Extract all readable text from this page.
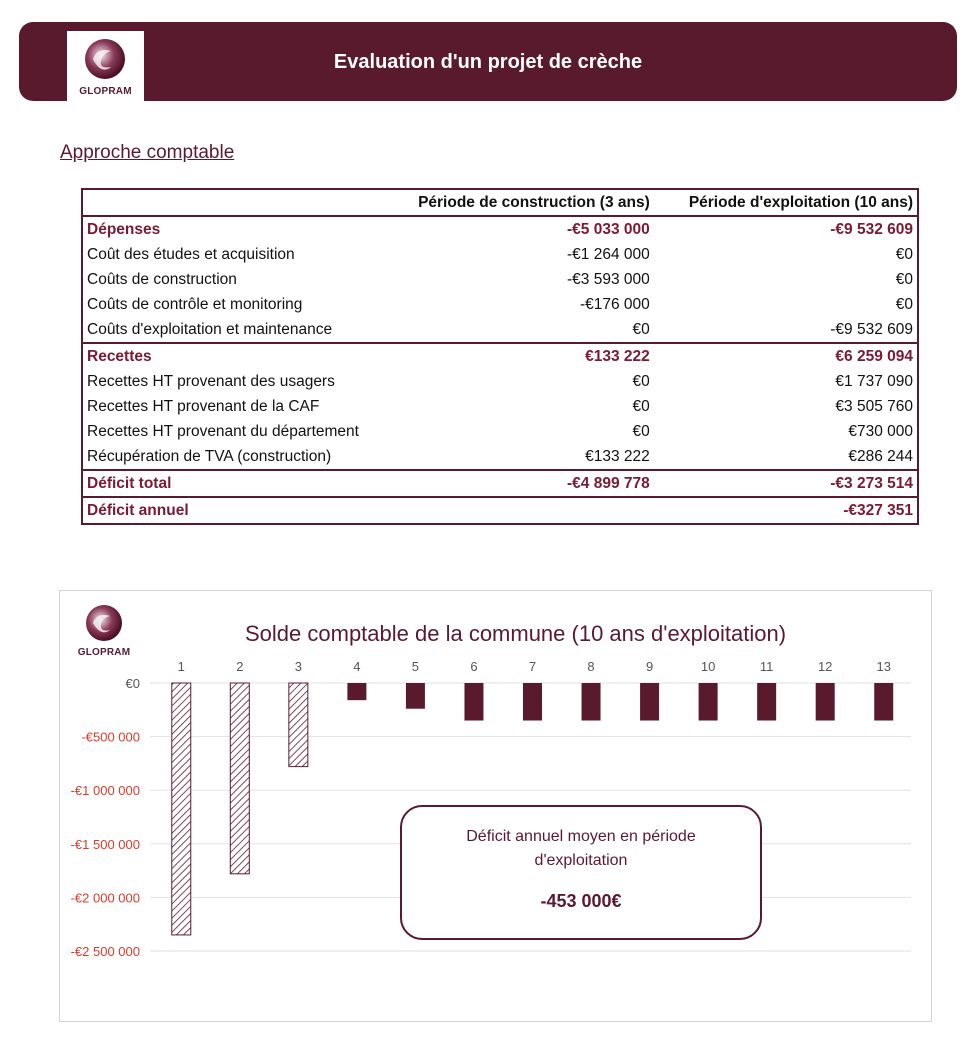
GLOPRAM
Evaluation d'un projet de crèche
Approche comptable
	Période de construction (3 ans)	Période d'exploitation (10 ans)
Dépenses	-€5 033 000	-€9 532 609
Coût des études et acquisition	-€1 264 000	€0
Coûts de construction	-€3 593 000	€0
Coûts de contrôle et monitoring	-€176 000	€0
Coûts d'exploitation et maintenance	€0	-€9 532 609
Recettes	€133 222	€6 259 094
Recettes HT provenant des usagers	€0	€1 737 090
Recettes HT provenant de la CAF	€0	€3 505 760
Recettes HT provenant du département	€0	€730 000
Récupération de TVA (construction)	€133 222	€286 244
Déficit total	-€4 899 778	-€3 273 514
Déficit annuel		-€327 351
€0
-€500 000
-€1 000 000
-€1 500 000
-€2 000 000
-€2 500 000
1	2	3	4	5	6	7	8	9	10	11	12	13
GLOPRAM
Solde comptable de la commune (10 ans d'exploitation)
Déficit annuel moyen en période d'exploitation
-453 000€
